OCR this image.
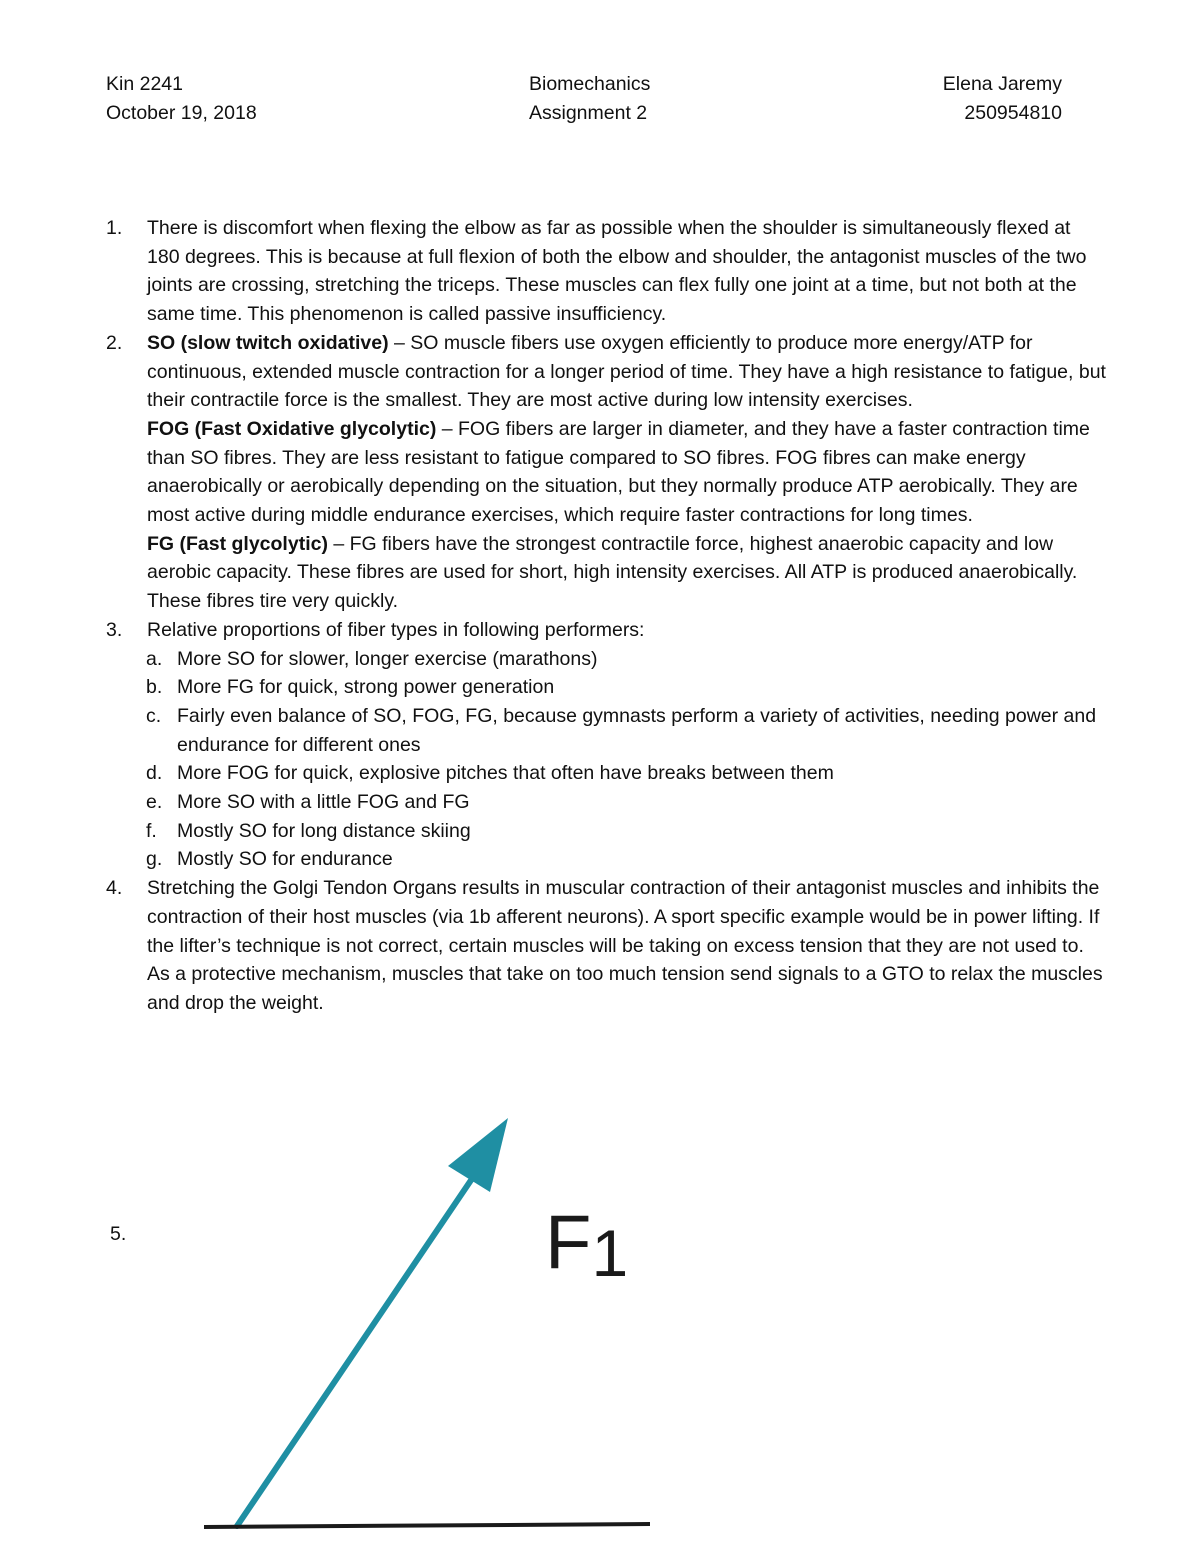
Kin 2241
October 19, 2018
Biomechanics
Assignment 2
Elena Jaremy
250954810
1. There is discomfort when flexing the elbow as far as possible when the shoulder is simultaneously flexed at 180 degrees. This is because at full flexion of both the elbow and shoulder, the antagonist muscles of the two joints are crossing, stretching the triceps. These muscles can flex fully one joint at a time, but not both at the same time. This phenomenon is called passive insufficiency.

2. SO (slow twitch oxidative) – SO muscle fibers use oxygen efficiently to produce more energy/ATP for continuous, extended muscle contraction for a longer period of time. They have a high resistance to fatigue, but their contractile force is the smallest. They are most active during low intensity exercises.

FOG (Fast Oxidative glycolytic) – FOG fibers are larger in diameter, and they have a faster contraction time than SO fibres. They are less resistant to fatigue compared to SO fibres. FOG fibres can make energy anaerobically or aerobically depending on the situation, but they normally produce ATP aerobically. They are most active during middle endurance exercises, which require faster contractions for long times.

FG (Fast glycolytic) – FG fibers have the strongest contractile force, highest anaerobic capacity and low aerobic capacity. These fibres are used for short, high intensity exercises. All ATP is produced anaerobically. These fibres tire very quickly.

3. Relative proportions of fiber types in following performers:

a. More SO for slower, longer exercise (marathons)
b. More FG for quick, strong power generation
c. Fairly even balance of SO, FOG, FG, because gymnasts perform a variety of activities, needing power and endurance for different ones
d. More FOG for quick, explosive pitches that often have breaks between them
e. More SO with a little FOG and FG
f. Mostly SO for long distance skiing
g. Mostly SO for endurance
4. Stretching the Golgi Tendon Organs results in muscular contraction of their antagonist muscles and inhibits the contraction of their host muscles (via 1b afferent neurons). A sport specific example would be in power lifting. If the lifter’s technique is not correct, certain muscles will be taking on excess tension that they are not used to. As a protective mechanism, muscles that take on too much tension send signals to a GTO to relax the muscles and drop the weight.

5.	F1
